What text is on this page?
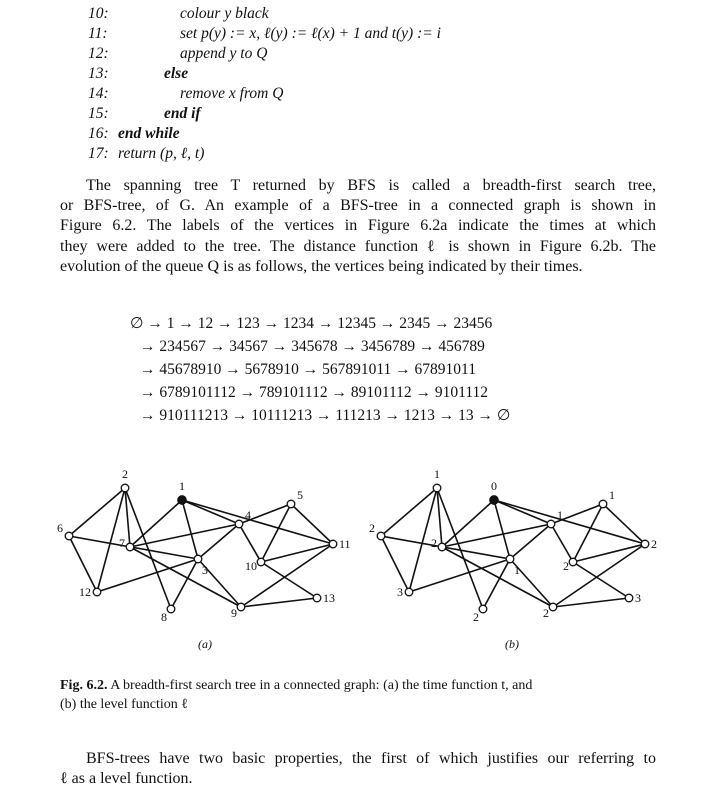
10:	colour y black
11:	set p(y) := x, ℓ(y) := ℓ(x) + 1 and t(y) := i
12:	append y to Q
13:	else
14:	remove x from Q
15:	end if
16: end while
17: return (p, ℓ, t)
The spanning tree T returned by BFS is called a breadth-first search tree,
or BFS-tree, of G. An example of a BFS-tree in a connected graph is shown in
Figure 6.2. The labels of the vertices in Figure 6.2a indicate the times at which
they were added to the tree. The distance function ℓ is shown in Figure 6.2b. The
evolution of the queue Q is as follows, the vertices being indicated by their times.
∅ → 1 → 12 → 123 → 1234 → 12345 → 2345 → 23456
→ 234567 → 34567 → 345678 → 3456789 → 456789
→ 45678910 → 5678910 → 567891011 → 67891011
→ 6789101112 → 789101112 → 89101112 → 9101112
→ 910111213 → 10111213 → 111213 → 1213 → 13 → ∅
1
2
3
4
5
6
7
8	9
10
11
12	13
0
1
1
1
1
2
2
2	2
2
2
3	3
(a)	(b)
Fig. 6.2. A breadth-first search tree in a connected graph: (a) the time function t, and
(b) the level function ℓ
BFS-trees have two basic properties, the first of which justifies our referring to
ℓ as a level function.
